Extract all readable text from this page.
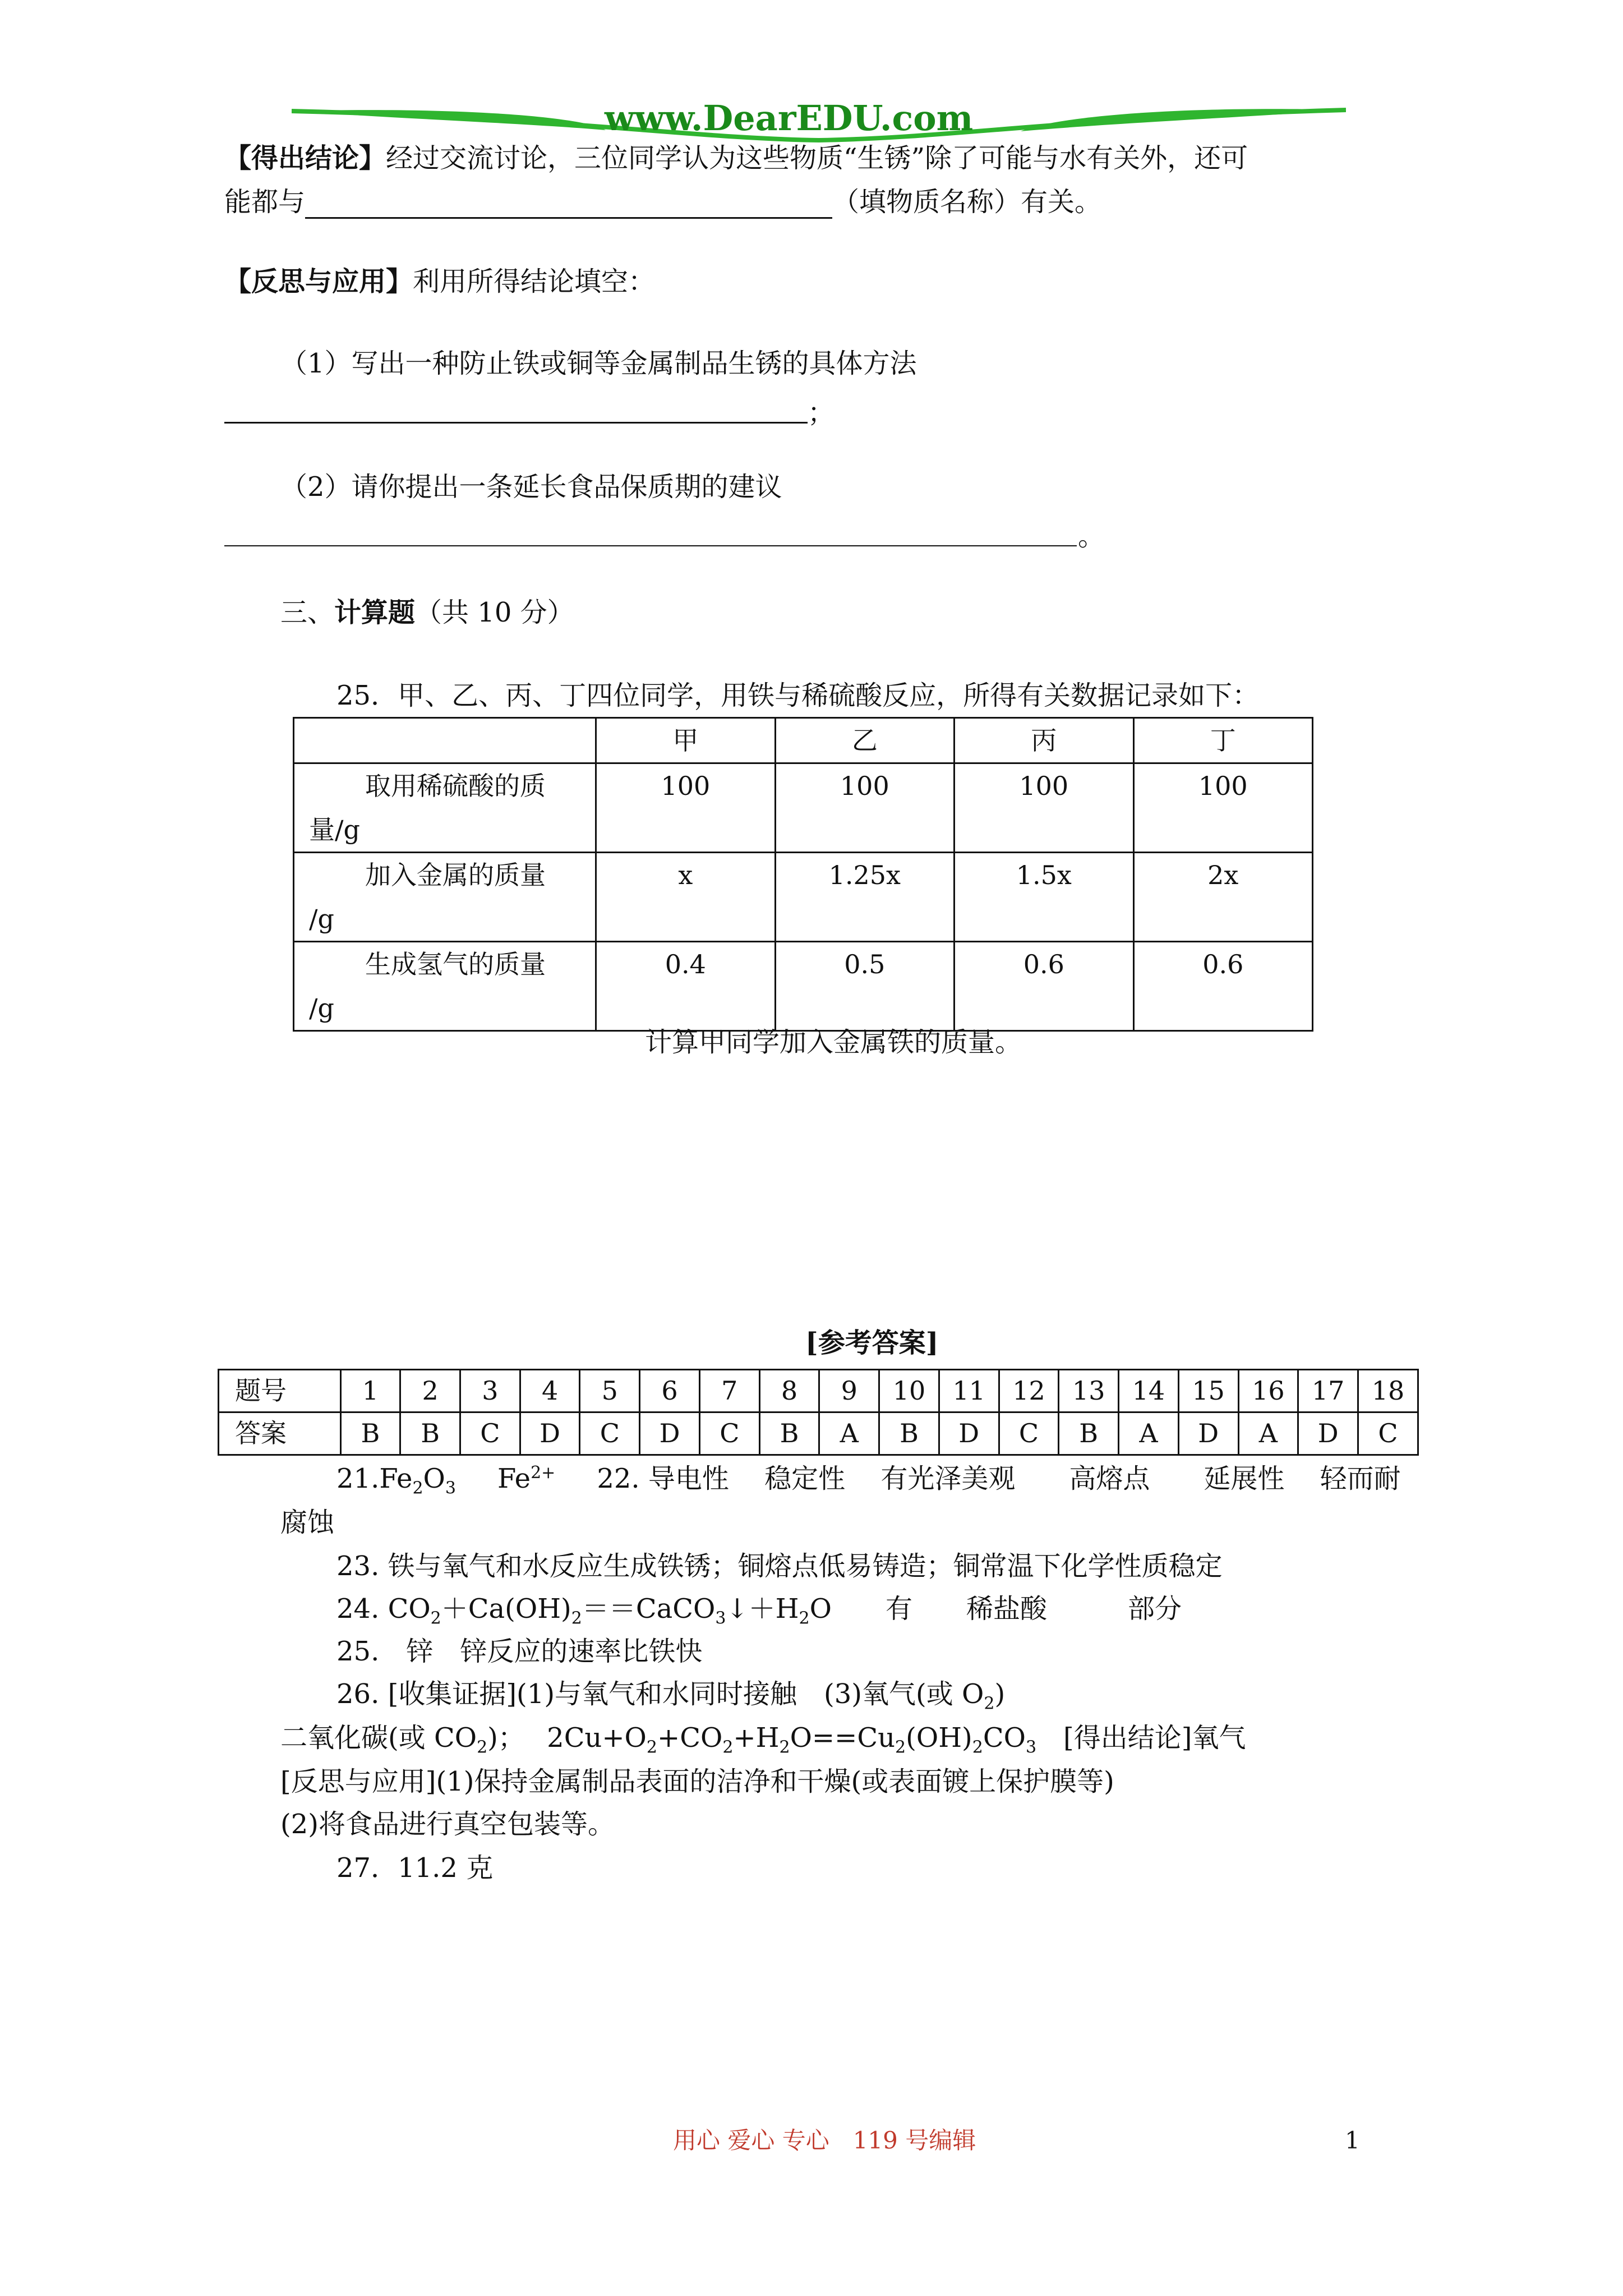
www.DearEDU.com
【得出结论】经过交流讨论，三位同学认为这些物质“生锈”除了可能与水有关外，还可
能都与	（填物质名称）有关。
【反思与应用】利用所得结论填空：
（1）写出一种防止铁或铜等金属制品生锈的具体方法
；
（2）请你提出一条延长食品保质期的建议
。
三、计算题（共 10 分）
25．甲、乙、丙、丁四位同学，用铁与稀硫酸反应，所得有关数据记录如下：
	甲	乙	丙	丁

取用稀硫酸的质
量/g	100	100	100	100

加入金属的质量
/g	x	1.25x	1.5x	2x

生成氢气的质量
/g	0.4	0.5	0.6	0.6
计算甲同学加入金属铁的质量。
[参考答案]
题号	1	2	3	4	5	6	7	8	9	10	11	12	13	14	15	16	17	18
答案	B	B	C	D	C	D	C	B	A	B	D	C	B	A	D	A	D	C
$21.Fe_2O_3$ $Fe^{2+}$ 22. 导电性　 稳定性　 有光泽美观　　高熔点　　延展性　 轻而耐
腐蚀
23. 铁与氧气和水反应生成铁锈；铜熔点低易铸造；铜常温下化学性质稳定
24. $CO_2+Ca(OH)_2==CaCO_3↓+H_2O$　　有　　稀盐酸　　　部分
25.　锌　锌反应的速率比铁快
26. [收集证据](1)与氧气和水同时接触　(3)氧气(或 $O_2$)
二氧化碳(或 $CO_2$)；　 $2Cu+O_2+CO_2+H_2O==Cu_2(OH)_2CO_3$　[得出结论]氧气
[反思与应用](1)保持金属制品表面的洁净和干燥(或表面镀上保护膜等)
(2)将食品进行真空包装等。
27．11.2 克
用心 爱心 专心　119 号编辑	1
